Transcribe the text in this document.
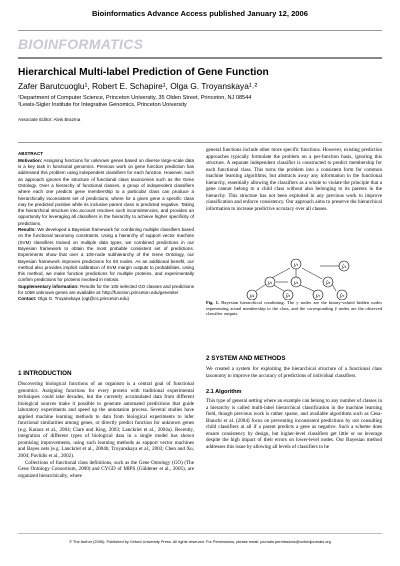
Bioinformatics Advance Access published January 12, 2006
BIOINFORMATICS
Hierarchical Multi-label Prediction of Gene Function
Zafer Barutcuoglu¹, Robert E. Schapire¹, Olga G. Troyanskaya¹˒²
¹Department of Computer Science, Princeton University, 35 Olden Street, Princeton, NJ 08544
²Lewis-Sigler Institute for Integrative Genomics, Princeton University
Associate Editor: Alvis Brazma

ABSTRACT

Motivation: Assigning functions for unknown genes based on diverse large-scale data is a key task in functional genomics. Previous work on gene function prediction has addressed this problem using independent classifiers for each function. However, such an approach ignores the structure of functional class taxonomies such as the Gene Ontology. Over a hierarchy of functional classes, a group of independent classifiers where each one predicts gene membership to a particular class can produce a hierarchically inconsistent set of predictions, where for a given gene a specific class may be predicted positive while its inclusive parent class is predicted negative. Taking the hierarchical structure into account resolves such inconsistencies, and provides an opportunity for leveraging all classifiers in the hierarchy to achieve higher specificity of predictions.

Results: We developed a Bayesian framework for combining multiple classifiers based on the functional taxonomy constraints. Using a hierarchy of support vector machine (SVM) classifiers trained on multiple data types, we combined predictions in our Bayesian framework to obtain the most probable consistent set of predictions. Experiments show that over a 105-node subhierarchy of the Gene Ontology, our Bayesian framework improves predictions for 93 nodes. As an additional benefit, our method also provides implicit calibration of SVM margin outputs to probabilities. Using this method, we make function predictions for multiple proteins, and experimentally confirm predictions for proteins involved in mitosis.

Supplementary information: Results for the 105 selected GO classes and predictions for 1059 unknown genes are available at: http://function.princeton.edu/genesite/

Contact: Olga G. Troyanskaya (ogt@cs.princeton.edu)

1 INTRODUCTION

Discovering biological functions of an organism is a central goal of functional genomics. Assigning functions for every protein with traditional experimental techniques could take decades, but the currently accumulated data from different biological sources make it possible to generate automated predictions that guide laboratory experiments and speed up the annotation process. Several studies have applied machine learning methods to data from biological experiments to infer functional similarities among genes, or directly predict function for unknown genes (e.g. Karaoz et al., 2004; Clare and King, 2003; Lanckriet et al., 2004a). Recently, integration of different types of biological data in a single model has shown promising improvements, using such learning methods as support vector machines and Bayes nets (e.g. Lanckriet et al., 2004b; Troyanskaya et al., 2003; Chen and Xu, 2004; Pavlidis et al., 2002).

Collections of functional class definitions, such as the Gene Ontology (GO) (The Gene Ontology Consortium, 2000) and CYGD of MIPS (Güldener et al., 2005), are organized hierarchically, where

general functions include other more specific functions. However, existing prediction approaches typically formulate the problem on a per-function basis, ignoring this structure. A separate independent classifier is constructed to predict membership for each functional class. This turns the problem into a consistent form for common machine learning algorithms, but abstracts away any information in the functional hierarchy, essentially allowing the classifiers as a whole to violate the principle that a gene cannot belong to a child class without also belonging to its parents in the hierarchy. This structure has not been exploited in any previous work to improve classification and enforce consistency. Our approach aims to preserve the hierarchical information to increase predictive accuracy over all classes.

y₁
y₂	y₃
y₄	y₅
ŷ₁
ŷ₂
ŷ₃
ŷ₅
Fig. 1. Bayesian hierarchical combining. The y nodes are the binary-valued hidden nodes representing actual membership to the class, and the corresponding ŷ nodes are the observed classifier outputs.
2 SYSTEM AND METHODS

We created a system for exploiting the hierarchical structure of a functional class taxonomy to improve the accuracy of predictions of individual classifiers.

2.1 Algorithm

This type of general setting where an example can belong to any number of classes in a hierarchy is called multi-label hierarchical classification in the machine learning field, though previous work is rather sparse, and available algorithms such as Cesa-Bianchi et al. (2004) focus on preventing inconsistent predictions by not consulting child classifiers at all if a parent predicts a gene as negative. Such a scheme does ensure consistency by design, but higher-level classifiers get little or no leverage despite the high impact of their errors on lower-level nodes. Our Bayesian method addresses this issue by allowing all levels of classifiers to be

© The Author (2006). Published by Oxford University Press. All rights reserved. For Permissions, please email: journals.permissions@oxfordjournals.org
